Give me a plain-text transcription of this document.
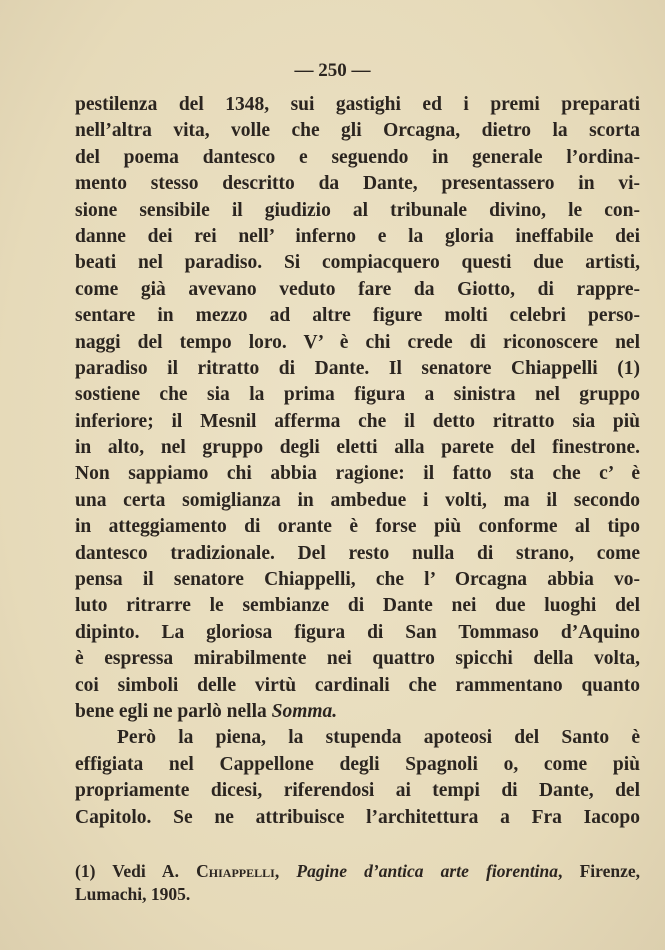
— 250 —
pestilenza del 1348, sui gastighi ed i premi preparati
nell’altra vita, volle che gli Orcagna, dietro la scorta
del poema dantesco e seguendo in generale l’ordina-
mento stesso descritto da Dante, presentassero in vi-
sione sensibile il giudizio al tribunale divino, le con-
danne dei rei nell’ inferno e la gloria ineffabile dei
beati nel paradiso. Si compiacquero questi due artisti,
come già avevano veduto fare da Giotto, di rappre-
sentare in mezzo ad altre figure molti celebri perso-
naggi del tempo loro. V’ è chi crede di riconoscere nel
paradiso il ritratto di Dante. Il senatore Chiappelli (1)
sostiene che sia la prima figura a sinistra nel gruppo
inferiore; il Mesnil afferma che il detto ritratto sia più
in alto, nel gruppo degli eletti alla parete del finestrone.
Non sappiamo chi abbia ragione: il fatto sta che c’ è
una certa somiglianza in ambedue i volti, ma il secondo
in atteggiamento di orante è forse più conforme al tipo
dantesco tradizionale. Del resto nulla di strano, come
pensa il senatore Chiappelli, che l’ Orcagna abbia vo-
luto ritrarre le sembianze di Dante nei due luoghi del
dipinto. La gloriosa figura di San Tommaso d’Aquino
è espressa mirabilmente nei quattro spicchi della volta,
coi simboli delle virtù cardinali che rammentano quanto
bene egli ne parlò nella Somma.
Però la piena, la stupenda apoteosi del Santo è
effigiata nel Cappellone degli Spagnoli o, come più
propriamente dicesi, riferendosi ai tempi di Dante, del
Capitolo. Se ne attribuisce l’architettura a Fra Iacopo
(1) Vedi A. Chiappelli, Pagine d’antica arte fiorentina, Firenze,
Lumachi, 1905.
